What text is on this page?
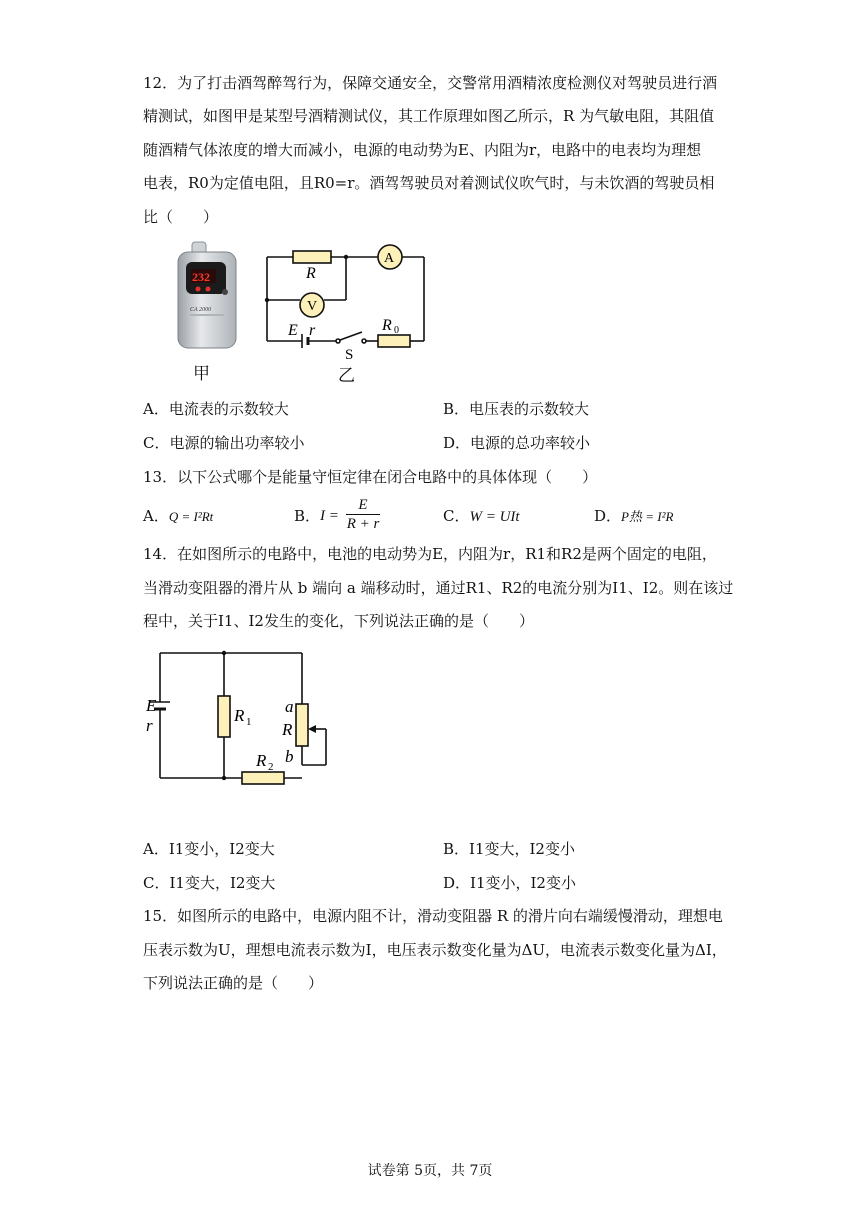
12．为了打击酒驾醉驾行为，保障交通安全，交警常用酒精浓度检测仪对驾驶员进行酒
精测试，如图甲是某型号酒精测试仪，其工作原理如图乙所示，R 为气敏电阻，其阻值
随酒精气体浓度的增大而减小，电源的电动势为E、内阻为r，电路中的电表均为理想
电表，R0为定值电阻，且R0=r。酒驾驾驶员对着测试仪吹气时，与未饮酒的驾驶员相
比（　　）
232
CA 2000
甲
R
A
V
E r
S
R 0
乙
A．电流表的示数较大	B．电压表的示数较大
C．电源的输出功率较小	D．电源的总功率较小
13．以下公式哪个是能量守恒定律在闭合电路中的具体体现（　　）
A．Q = I²Rt	B． I =
E
R + r	C．W = UIt	D．P热 = I²R
14．在如图所示的电路中，电池的电动势为E，内阻为r，R1和R2是两个固定的电阻，
当滑动变阻器的滑片从 b 端向 a 端移动时，通过R1、R2的电流分别为I1、I2。则在该过
程中，关于I1、I2发生的变化，下列说法正确的是（　　）
E
r
R 1
R 2
a
R
b
A．I1变小，I2变大	B．I1变大，I2变小
C．I1变大，I2变大	D．I1变小，I2变小
15．如图所示的电路中，电源内阻不计，滑动变阻器 R 的滑片向右端缓慢滑动，理想电
压表示数为U，理想电流表示数为I，电压表示数变化量为ΔU，电流表示数变化量为ΔI，
下列说法正确的是（　　）
试卷第 5页，共 7页
